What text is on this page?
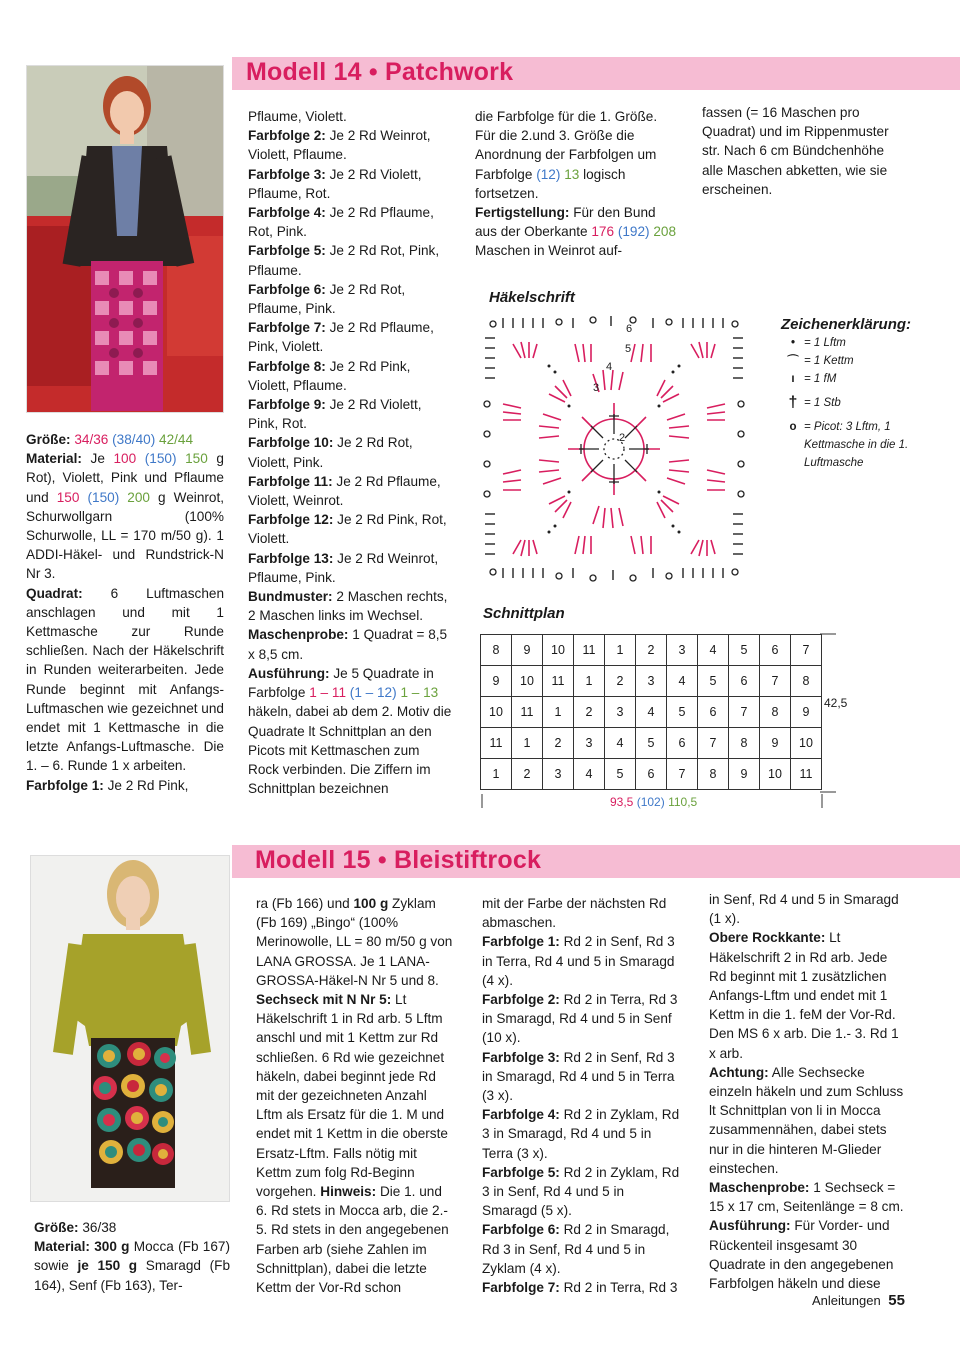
Modell 14 • Patchwork

Größe: 34/36 (38/40) 42/44

Material: Je 100 (150) 150 g Rot), Violett, Pink und Pflaume und 150 (150) 200 g Weinrot, Schurwollgarn (100% Schurwolle, LL = 170 m/50 g). 1 ADDI-Häkel- und Rundstrick-N Nr 3.

Quadrat: 6 Luftmaschen anschlagen und mit 1 Kettmasche zur Runde schließen. Nach der Häkelschrift in Runden weiterarbeiten. Jede Runde beginnt mit Anfangs-Luftmaschen wie gezeichnet und endet mit 1 Kettmasche in die letzte Anfangs-Luftmasche. Die 1. – 6. Runde 1 x arbeiten.

Farbfolge 1: Je 2 Rd Pink,

Pflaume, Violett.

Farbfolge 2: Je 2 Rd Weinrot, Violett, Pflaume.

Farbfolge 3: Je 2 Rd Violett, Pflaume, Rot.

Farbfolge 4: Je 2 Rd Pflaume, Rot, Pink.

Farbfolge 5: Je 2 Rd Rot, Pink, Pflaume.

Farbfolge 6: Je 2 Rd Rot, Pflaume, Pink.

Farbfolge 7: Je 2 Rd Pflaume, Pink, Violett.

Farbfolge 8: Je 2 Rd Pink, Violett, Pflaume.

Farbfolge 9: Je 2 Rd Violett, Pink, Rot.

Farbfolge 10: Je 2 Rd Rot, Violett, Pink.

Farbfolge 11: Je 2 Rd Pflaume, Violett, Weinrot.

Farbfolge 12: Je 2 Rd Pink, Rot, Violett.

Farbfolge 13: Je 2 Rd Weinrot, Pflaume, Pink.

Bundmuster: 2 Maschen rechts, 2 Maschen links im Wechsel.

Maschenprobe: 1 Quadrat = 8,5 x 8,5 cm.

Ausführung: Je 5 Quadrate in Farbfolge 1 – 11 (1 – 12) 1 – 13 häkeln, dabei ab dem 2. Motiv die Quadrate lt Schnittplan an den Picots mit Kettmaschen zum Rock verbinden. Die Ziffern im Schnittplan bezeichnen

die Farbfolge für die 1. Größe. Für die 2.und 3. Größe die Anordnung der Farbfolgen um Farbfolge (12) 13 logisch fortsetzen.

Fertigstellung: Für den Bund aus der Oberkante 176 (192) 208 Maschen in Weinrot auf-

fassen (= 16 Maschen pro Quadrat) und im Rippenmuster str. Nach 6 cm Bündchenhöhe alle Maschen abketten, wie sie erscheinen.

Häkelschrift
2
3
4
5
6	Zeichenerklärung:
• = 1 Lftm
⌒ = 1 Kettm
ı = 1 fM
† = 1 Stb
o = Picot: 3 Lftm, 1 Kettmasche in die 1. Luftmasche
Schnittplan
8	9	10	11	1	2	3	4	5	6	7
9	10	11	1	2	3	4	5	6	7	8
10	11	1	2	3	4	5	6	7	8	9
11	1	2	3	4	5	6	7	8	9	10
1	2	3	4	5	6	7	8	9	10	11
42,5
93,5 (102) 110,5
Modell 15 • Bleistiftrock

Größe: 36/38

Material: 300 g Mocca (Fb 167) sowie je 150 g Smaragd (Fb 164), Senf (Fb 163), Ter-

ra (Fb 166) und 100 g Zyklam (Fb 169) „Bingo“ (100% Merinowolle, LL = 80 m/50 g von LANA GROSSA. Je 1 LANA-GROSSA-Häkel-N Nr 5 und 8.

Sechseck mit N Nr 5: Lt Häkelschrift 1 in Rd arb. 5 Lftm anschl und mit 1 Kettm zur Rd schließen. 6 Rd wie gezeichnet häkeln, dabei beginnt jede Rd mit der gezeichneten Anzahl Lftm als Ersatz für die 1. M und endet mit 1 Kettm in die oberste Ersatz-Lftm. Falls nötig mit Kettm zum folg Rd-Beginn vorgehen. Hinweis: Die 1. und 6. Rd stets in Mocca arb, die 2.- 5. Rd stets in den angegebenen Farben arb (siehe Zahlen im Schnittplan), dabei die letzte Kettm der Vor-Rd schon

mit der Farbe der nächsten Rd abmaschen.

Farbfolge 1: Rd 2 in Senf, Rd 3 in Terra, Rd 4 und 5 in Smaragd (4 x).

Farbfolge 2: Rd 2 in Terra, Rd 3 in Smaragd, Rd 4 und 5 in Senf (10 x).

Farbfolge 3: Rd 2 in Senf, Rd 3 in Smaragd, Rd 4 und 5 in Terra (3 x).

Farbfolge 4: Rd 2 in Zyklam, Rd 3 in Smaragd, Rd 4 und 5 in Terra (3 x).

Farbfolge 5: Rd 2 in Zyklam, Rd 3 in Senf, Rd 4 und 5 in Smaragd (5 x).

Farbfolge 6: Rd 2 in Smaragd, Rd 3 in Senf, Rd 4 und 5 in Zyklam (4 x).

Farbfolge 7: Rd 2 in Terra, Rd 3

in Senf, Rd 4 und 5 in Smaragd (1 x).

Obere Rockkante: Lt Häkelschrift 2 in Rd arb. Jede Rd beginnt mit 1 zusätzlichen Anfangs-Lftm und endet mit 1 Kettm in die 1. feM der Vor-Rd. Den MS 6 x arb. Die 1.- 3. Rd 1 x arb.

Achtung: Alle Sechsecke einzeln häkeln und zum Schluss lt Schnittplan von li in Mocca zusammennähen, dabei stets nur in die hinteren M-Glieder einstechen.

Maschenprobe: 1 Sechseck = 15 x 17 cm, Seitenlänge = 8 cm.

Ausführung: Für Vorder- und Rückenteil insgesamt 30 Quadrate in den angegebenen Farbfolgen häkeln und diese

Anleitungen 55
